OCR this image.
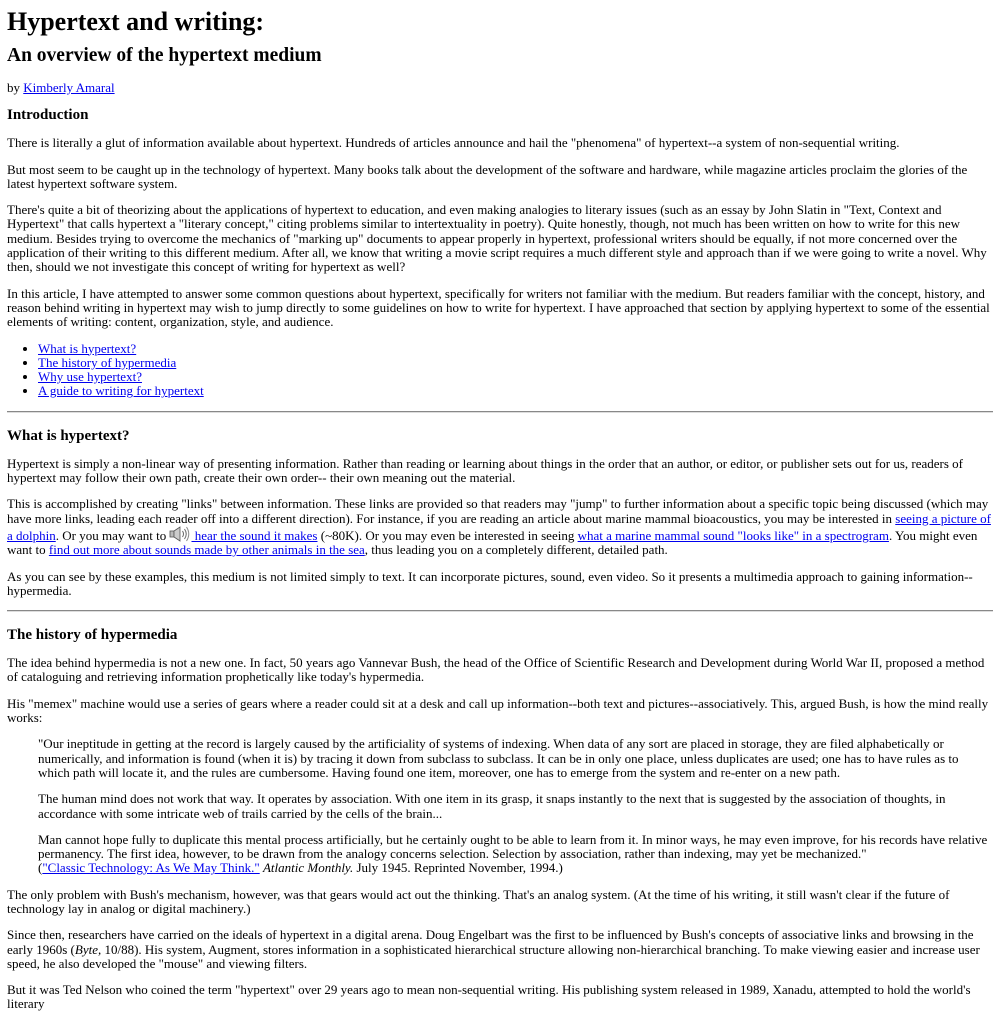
Hypertext and writing:
An overview of the hypertext medium

by Kimberly Amaral

Introduction

There is literally a glut of information available about hypertext. Hundreds of articles announce and hail the "phenomena" of hypertext--a system of non-sequential writing.

But most seem to be caught up in the technology of hypertext. Many books talk about the development of the software and hardware, while magazine articles proclaim the glories of the latest hypertext software system.

There's quite a bit of theorizing about the applications of hypertext to education, and even making analogies to literary issues (such as an essay by John Slatin in "Text, Context and Hypertext" that calls hypertext a "literary concept," citing problems similar to intertextuality in poetry). Quite honestly, though, not much has been written on how to write for this new medium. Besides trying to overcome the mechanics of "marking up" documents to appear properly in hypertext, professional writers should be equally, if not more concerned over the application of their writing to this different medium. After all, we know that writing a movie script requires a much different style and approach than if we were going to write a novel. Why then, should we not investigate this concept of writing for hypertext as well?

In this article, I have attempted to answer some common questions about hypertext, specifically for writers not familiar with the medium. But readers familiar with the concept, history, and reason behind writing in hypertext may wish to jump directly to some guidelines on how to write for hypertext. I have approached that section by applying hypertext to some of the essential elements of writing: content, organization, style, and audience.

• What is hypertext?
• The history of hypermedia
• Why use hypertext?
• A guide to writing for hypertext
What is hypertext?

Hypertext is simply a non-linear way of presenting information. Rather than reading or learning about things in the order that an author, or editor, or publisher sets out for us, readers of hypertext may follow their own path, create their own order-- their own meaning out the material.

This is accomplished by creating "links" between information. These links are provided so that readers may "jump" to further information about a specific topic being discussed (which may have more links, leading each reader off into a different direction). For instance, if you are reading an article about marine mammal bioacoustics, you may be interested in seeing a picture of a dolphin. Or you may want to  hear the sound it makes (~80K). Or you may even be interested in seeing what a marine mammal sound "looks like" in a spectrogram. You might even want to find out more about sounds made by other animals in the sea, thus leading you on a completely different, detailed path.

As you can see by these examples, this medium is not limited simply to text. It can incorporate pictures, sound, even video. So it presents a multimedia approach to gaining information--hypermedia.

The history of hypermedia

The idea behind hypermedia is not a new one. In fact, 50 years ago Vannevar Bush, the head of the Office of Scientific Research and Development during World War II, proposed a method of cataloguing and retrieving information prophetically like today's hypermedia.

His "memex" machine would use a series of gears where a reader could sit at a desk and call up information--both text and pictures--associatively. This, argued Bush, is how the mind really works:

"Our ineptitude in getting at the record is largely caused by the artificiality of systems of indexing. When data of any sort are placed in storage, they are filed alphabetically or numerically, and information is found (when it is) by tracing it down from subclass to subclass. It can be in only one place, unless duplicates are used; one has to have rules as to which path will locate it, and the rules are cumbersome. Having found one item, moreover, one has to emerge from the system and re-enter on a new path.

The human mind does not work that way. It operates by association. With one item in its grasp, it snaps instantly to the next that is suggested by the association of thoughts, in accordance with some intricate web of trails carried by the cells of the brain...

Man cannot hope fully to duplicate this mental process artificially, but he certainly ought to be able to learn from it. In minor ways, he may even improve, for his records have relative permanency. The first idea, however, to be drawn from the analogy concerns selection. Selection by association, rather than indexing, may yet be mechanized."
("Classic Technology: As We May Think." Atlantic Monthly. July 1945. Reprinted November, 1994.)

The only problem with Bush's mechanism, however, was that gears would act out the thinking. That's an analog system. (At the time of his writing, it still wasn't clear if the future of technology lay in analog or digital machinery.)

Since then, researchers have carried on the ideals of hypertext in a digital arena. Doug Engelbart was the first to be influenced by Bush's concepts of associative links and browsing in the early 1960s (Byte, 10/88). His system, Augment, stores information in a sophisticated hierarchical structure allowing non-hierarchical branching. To make viewing easier and increase user speed, he also developed the "mouse" and viewing filters.

But it was Ted Nelson who coined the term "hypertext" over 29 years ago to mean non-sequential writing. His publishing system released in 1989, Xanadu, attempted to hold the world's literary
